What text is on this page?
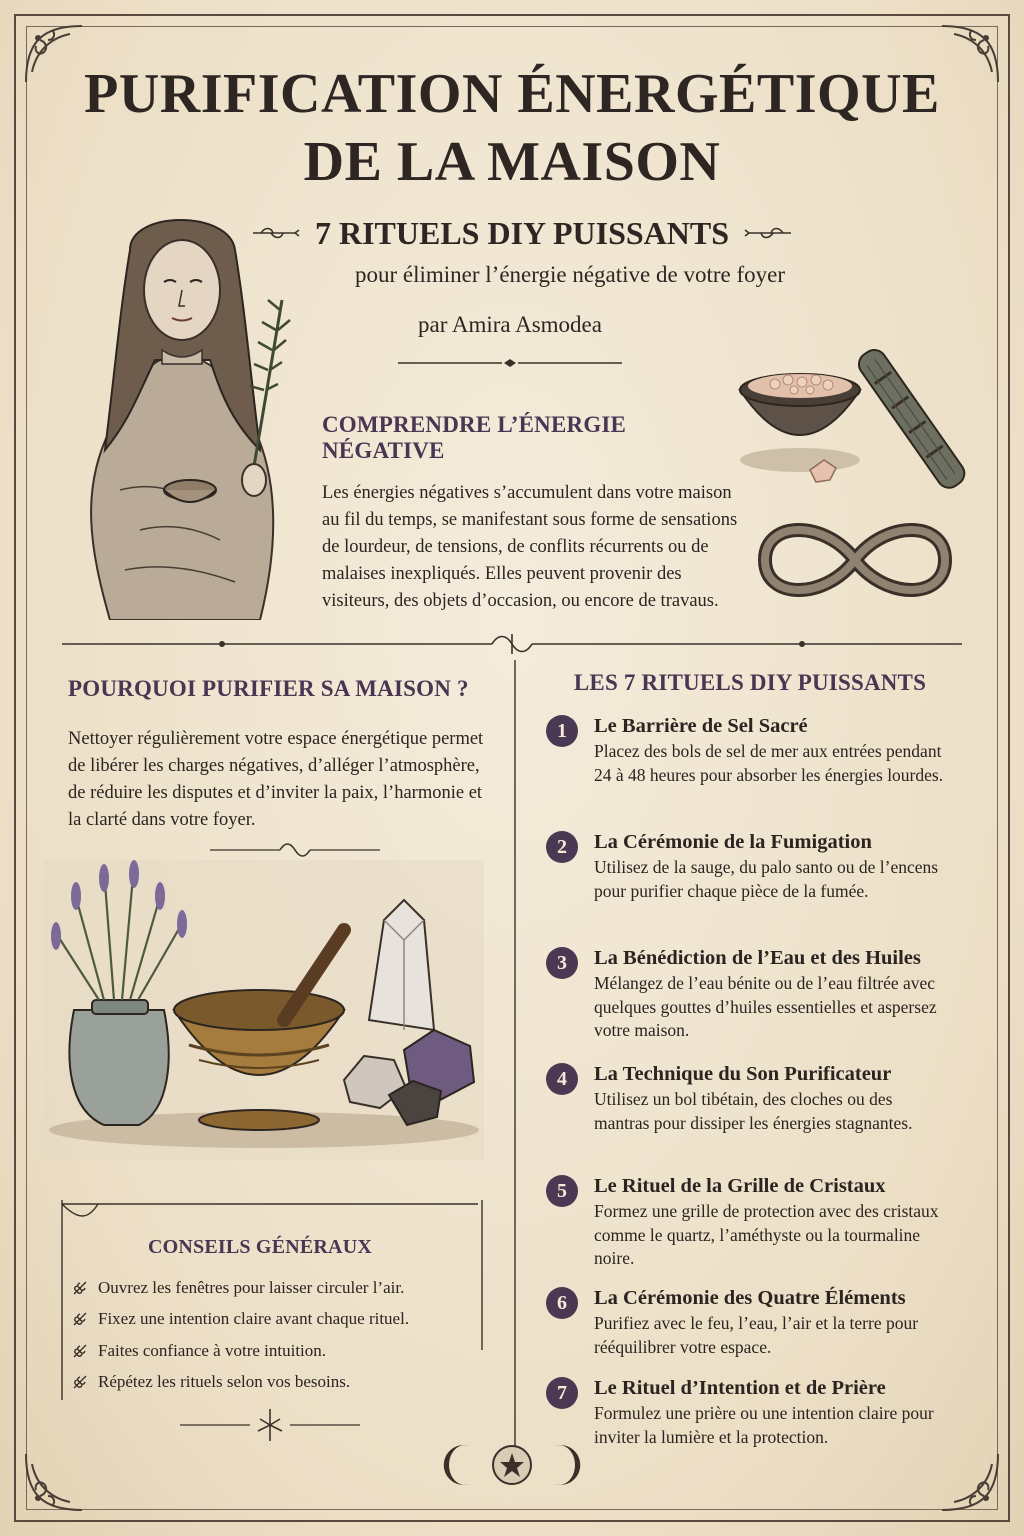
PURIFICATION ÉNERGÉTIQUE
DE LA MAISON
7 RITUELS DIY PUISSANTS
pour éliminer l’énergie négative de votre foyer
par Amira Asmodea
COMPRENDRE L’ÉNERGIE NÉGATIVE

Les énergies négatives s’accumulent dans votre maison au fil du temps, se manifestant sous forme de sensations de lourdeur, de tensions, de conflits récurrents ou de malaises inexpliqués. Elles peuvent provenir des visiteurs, des objets d’occasion, ou encore de travaus.

POURQUOI PURIFIER SA MAISON ?

Nettoyer régulièrement votre espace énergétique permet de libérer les charges négatives, d’alléger l’atmosphère, de réduire les disputes et d’inviter la paix, l’harmonie et la clarté dans votre foyer.

CONSEILS GÉNÉRAUX
Ouvrez les fenêtres pour laisser circuler l’air.
Fixez une intention claire avant chaque rituel.
Faites confiance à votre intuition.
Répétez les rituels selon vos besoins.
LES 7 RITUELS DIY PUISSANTS
1	Le Barrière de Sel Sacré
Placez des bols de sel de mer aux entrées pendant 24 à 48 heures pour absorber les énergies lourdes.
2	La Cérémonie de la Fumigation
Utilisez de la sauge, du palo santo ou de l’encens pour purifier chaque pièce de la fumée.
3	La Bénédiction de l’Eau et des Huiles
Mélangez de l’eau bénite ou de l’eau filtrée avec quelques gouttes d’huiles essentielles et aspersez votre maison.
4	La Technique du Son Purificateur
Utilisez un bol tibétain, des cloches ou des mantras pour dissiper les énergies stagnantes.
5	Le Rituel de la Grille de Cristaux
Formez une grille de protection avec des cristaux comme le quartz, l’améthyste ou la tourmaline noire.
6	La Cérémonie des Quatre Éléments
Purifiez avec le feu, l’eau, l’air et la terre pour rééquilibrer votre espace.
7	Le Rituel d’Intention et de Prière
Formulez une prière ou une intention claire pour inviter la lumière et la protection.
